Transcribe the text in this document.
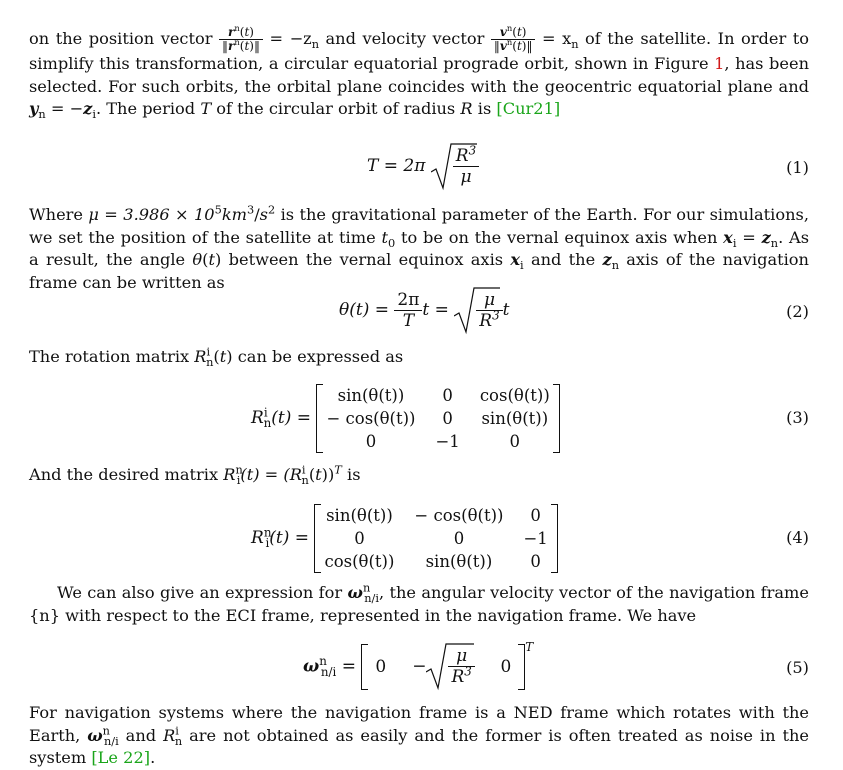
on the position vector $\frac{r^n(t)}{‖r^n(t)‖} = -z_n$ and velocity vector $\frac{v^n(t)}{‖v^n(t)‖} = x_n$ of the satellite. In order to simplify this transformation, a circular equatorial prograde orbit, shown in Figure 1, has been selected. For such orbits, the orbital plane coincides with the geocentric equatorial plane and $y_n = -z_i$. The period T of the circular orbit of radius R is [Cur21]

$T = 2\pi \frac{R^3}{\mu}$	(1)

Where $\mu = 3.986 \times 10^5km^3/s^2$ is the gravitational parameter of the Earth. For our simulations, we set the position of the satellite at time $t_0$ to be on the vernal equinox axis when $x_i = z_n$. As a result, the angle θ(t) between the vernal equinox axis $x_i$ and the $z_n$ axis of the navigation frame can be written as

$\theta(t) = \frac{2\pi}{T}$ $t = \frac{\mu}{R^3}$ t	(2)

The rotation matrix $R^i_n(t)$ can be expressed as

$R^i_n(t)$ =
sin(θ(t))	0	cos(θ(t))
− cos(θ(t))	0	sin(θ(t))
0	−1	0
(3)

And the desired matrix $R^n_i(t) = (R^i_n(t))^T$ is

$R^n_i(t)$ =
sin(θ(t))	− cos(θ(t))	0
0	0	−1
cos(θ(t))	sin(θ(t))	0
(4)

We can also give an expression for $\omega^n_{n/i}$, the angular velocity vector of the navigation frame {n} with respect to the ECI frame, represented in the navigation frame. We have

$\omega^n_{n/i} = 0 - \frac{\mu}{R^3} 0^T$
(5)

For navigation systems where the navigation frame is a NED frame which rotates with the Earth, $\omega^n_{n/i}$ and $R^i_n$ are not obtained as easily and the former is often treated as noise in the system [Le 22].
